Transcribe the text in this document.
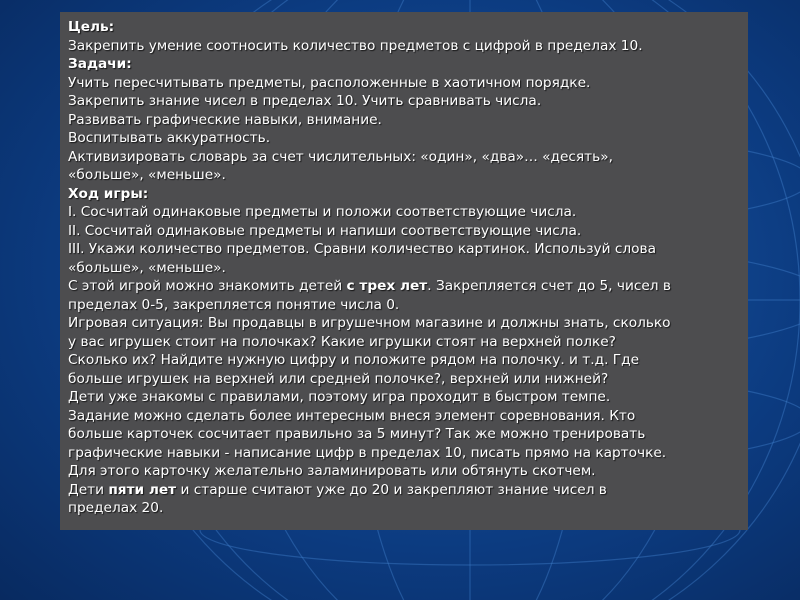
Цель:
Закрепить умение соотносить количество предметов с цифрой в пределах 10.
Задачи:
Учить пересчитывать предметы, расположенные в хаотичном порядке.
Закрепить знание чисел в пределах 10. Учить сравнивать числа.
Развивать графические навыки, внимание.
Воспитывать аккуратность.
Активизировать словарь за счет числительных: «один», «два»… «десять»,
«больше», «меньше».
Ход игры:
I. Сосчитай одинаковые предметы и положи соответствующие числа.
II. Сосчитай одинаковые предметы и напиши соответствующие числа.
III. Укажи количество предметов. Сравни количество картинок. Используй слова
«больше», «меньше».
С этой игрой можно знакомить детей с трех лет. Закрепляется счет до 5, чисел в
пределах 0-5, закрепляется понятие числа 0.
Игровая ситуация: Вы продавцы в игрушечном магазине и должны знать, сколько
у вас игрушек стоит на полочках? Какие игрушки стоят на верхней полке?
Сколько их? Найдите нужную цифру и положите рядом на полочку. и т.д. Где
больше игрушек на верхней или средней полочке?, верхней или нижней?
Дети уже знакомы с правилами, поэтому игра проходит в быстром темпе.
Задание можно сделать более интересным внеся элемент соревнования. Кто
больше карточек сосчитает правильно за 5 минут? Так же можно тренировать
графические навыки - написание цифр в пределах 10, писать прямо на карточке.
Для этого карточку желательно заламинировать или обтянуть скотчем.
Дети пяти лет и старше считают уже до 20 и закрепляют знание чисел в
пределах 20.
